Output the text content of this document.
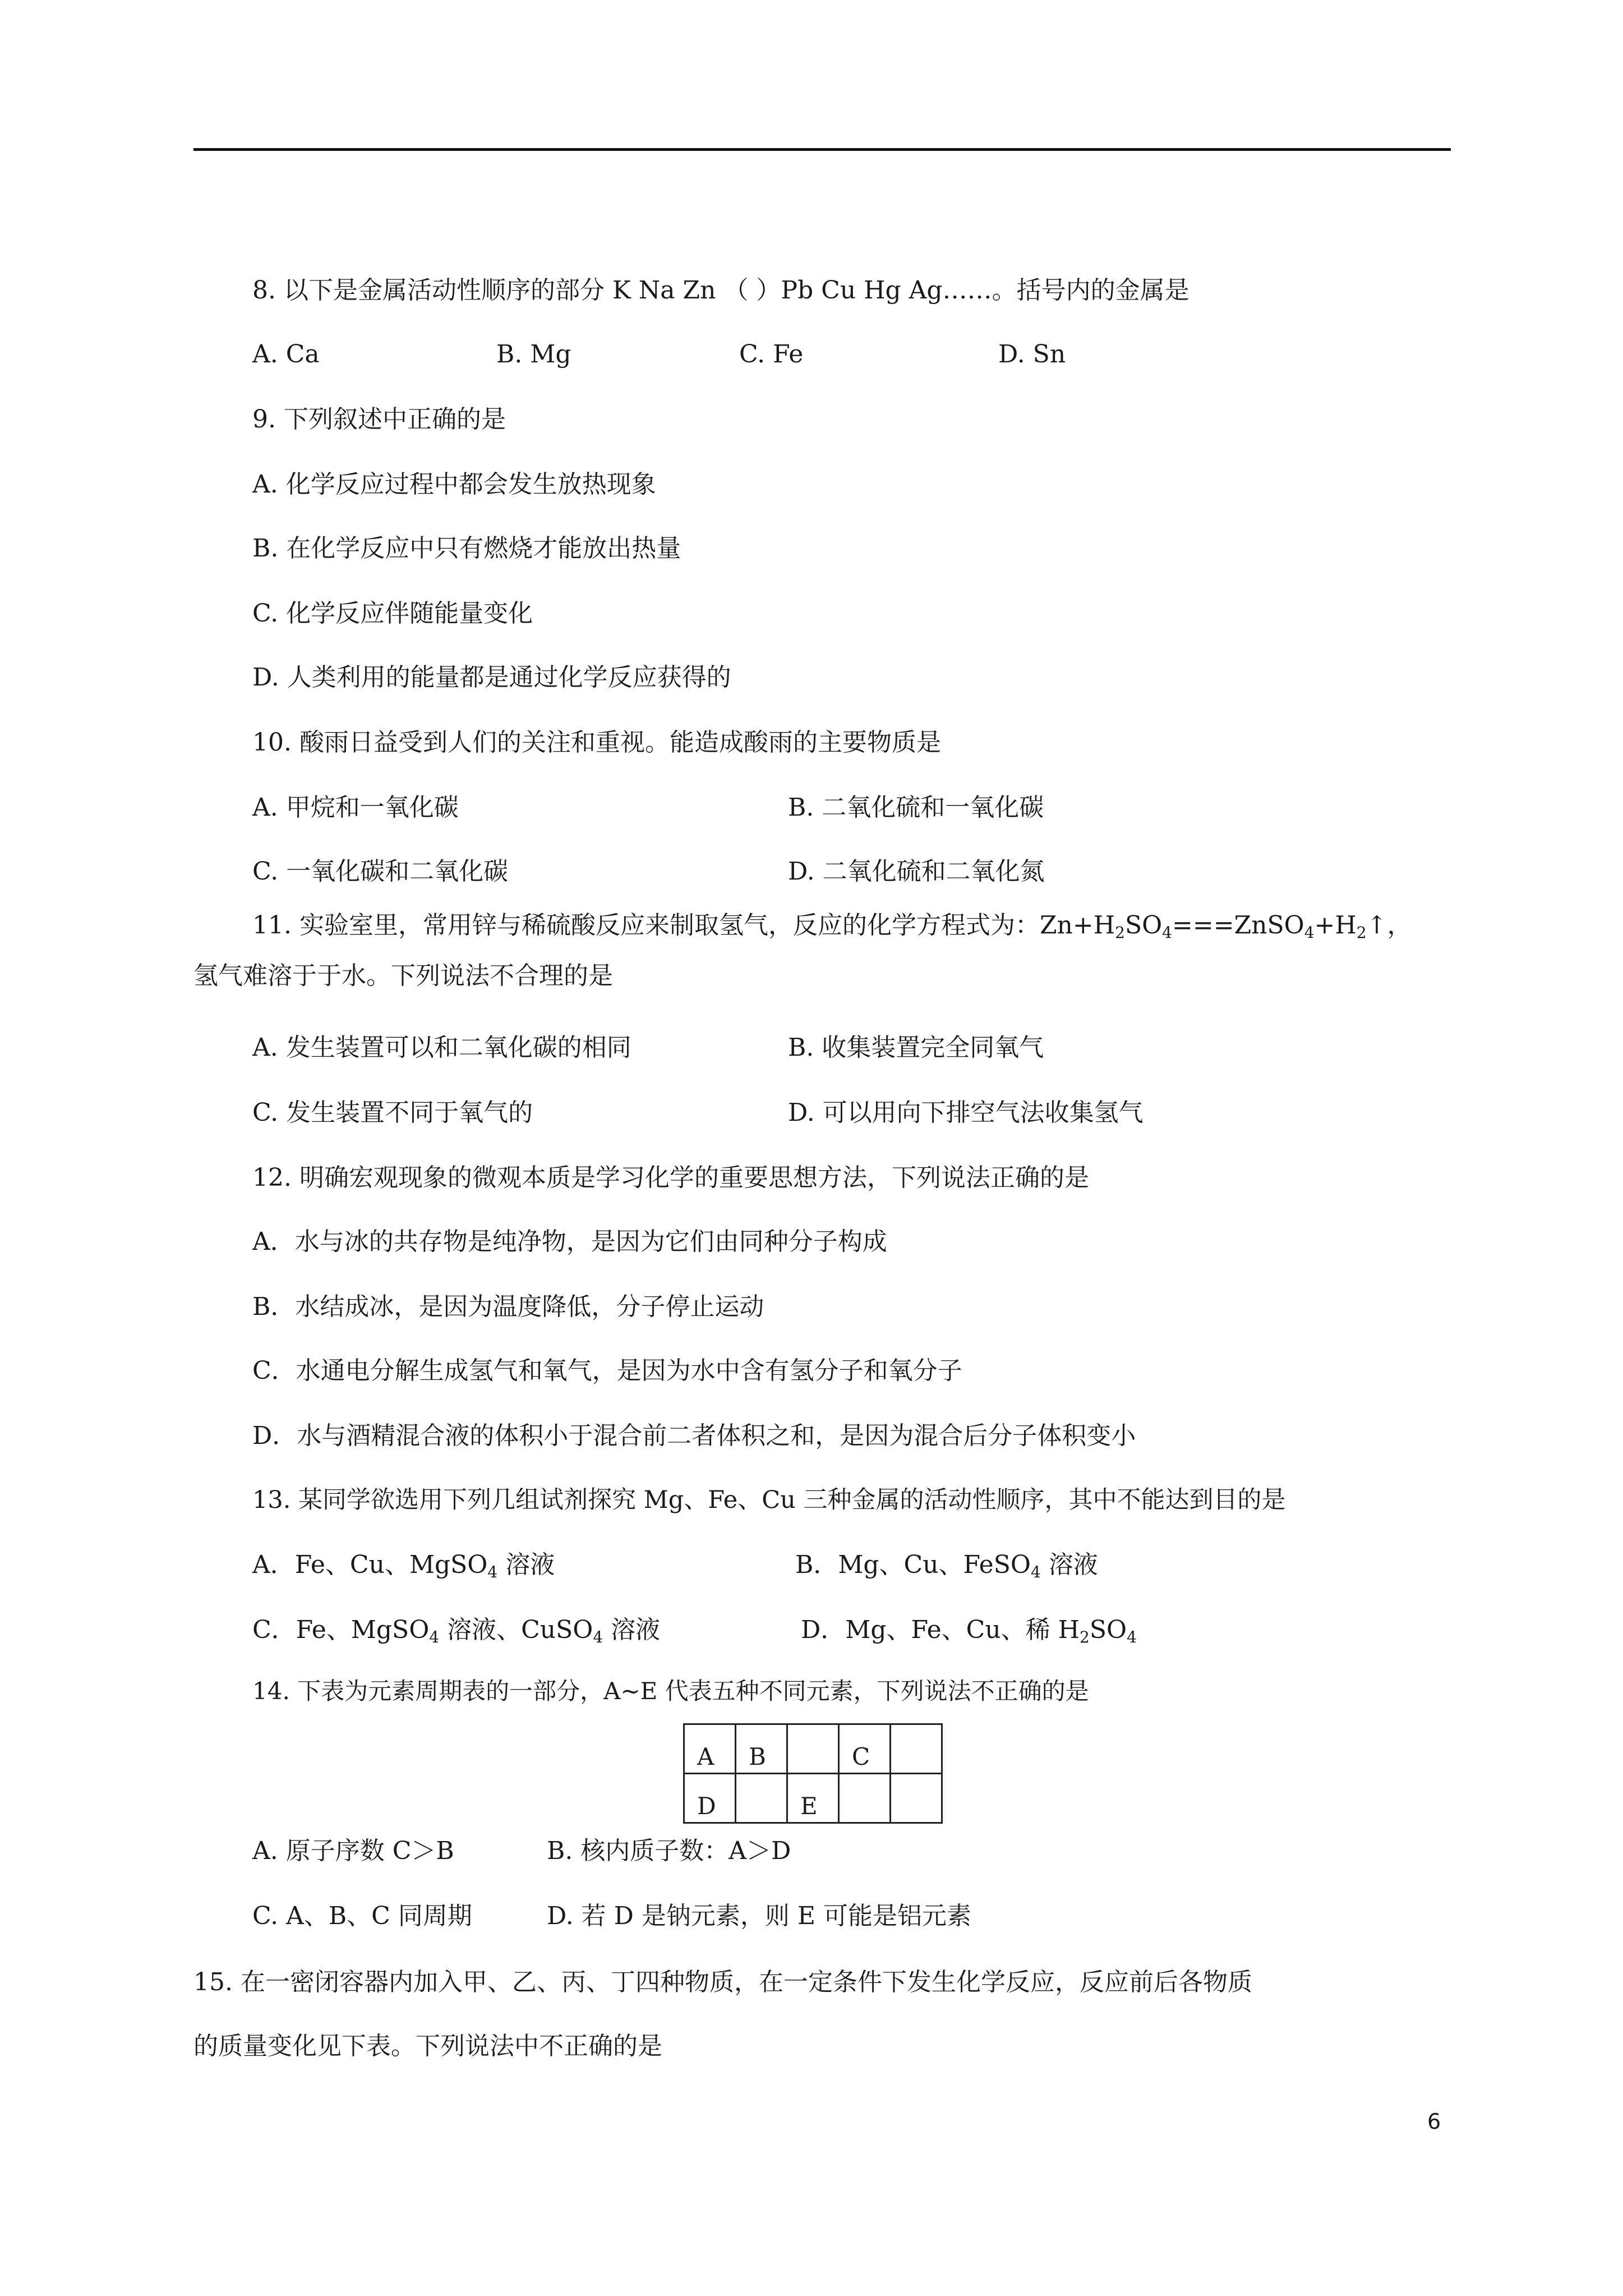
8. 以下是金属活动性顺序的部分 K Na Zn （ ）Pb Cu Hg Ag……。括号内的金属是
A. Ca	B. Mg	C. Fe	D. Sn
9. 下列叙述中正确的是
A. 化学反应过程中都会发生放热现象
B. 在化学反应中只有燃烧才能放出热量
C. 化学反应伴随能量变化
D. 人类利用的能量都是通过化学反应获得的
10. 酸雨日益受到人们的关注和重视。能造成酸雨的主要物质是
A. 甲烷和一氧化碳	B. 二氧化硫和一氧化碳
C. 一氧化碳和二氧化碳	D. 二氧化硫和二氧化氮
11. 实验室里，常用锌与稀硫酸反应来制取氢气，反应的化学方程式为：$Zn+H_2SO_4===ZnSO_4+H_2↑$，
氢气难溶于于水。下列说法不合理的是
A. 发生装置可以和二氧化碳的相同	B. 收集装置完全同氧气
C. 发生装置不同于氧气的	D. 可以用向下排空气法收集氢气
12. 明确宏观现象的微观本质是学习化学的重要思想方法，下列说法正确的是
A．水与冰的共存物是纯净物，是因为它们由同种分子构成
B．水结成冰，是因为温度降低，分子停止运动
C．水通电分解生成氢气和氧气，是因为水中含有氢分子和氧分子
D．水与酒精混合液的体积小于混合前二者体积之和，是因为混合后分子体积变小
13. 某同学欲选用下列几组试剂探究 Mg、Fe、Cu 三种金属的活动性顺序，其中不能达到目的是
A．Fe、Cu、MgSO$_4$ 溶液	B．Mg、Cu、FeSO$_4$ 溶液
C．Fe、MgSO$_4$ 溶液、CuSO$_4$ 溶液	D．Mg、Fe、Cu、稀 $H_2SO_4$
14. 下表为元素周期表的一部分，A~E 代表五种不同元素，下列说法不正确的是
A	B		C	
D		E		
A. 原子序数 C＞B	B. 核内质子数：A＞D
C. A、B、C 同周期	D. 若 D 是钠元素，则 E 可能是铝元素
15. 在一密闭容器内加入甲、乙、丙、丁四种物质，在一定条件下发生化学反应，反应前后各物质
的质量变化见下表。下列说法中不正确的是
6
